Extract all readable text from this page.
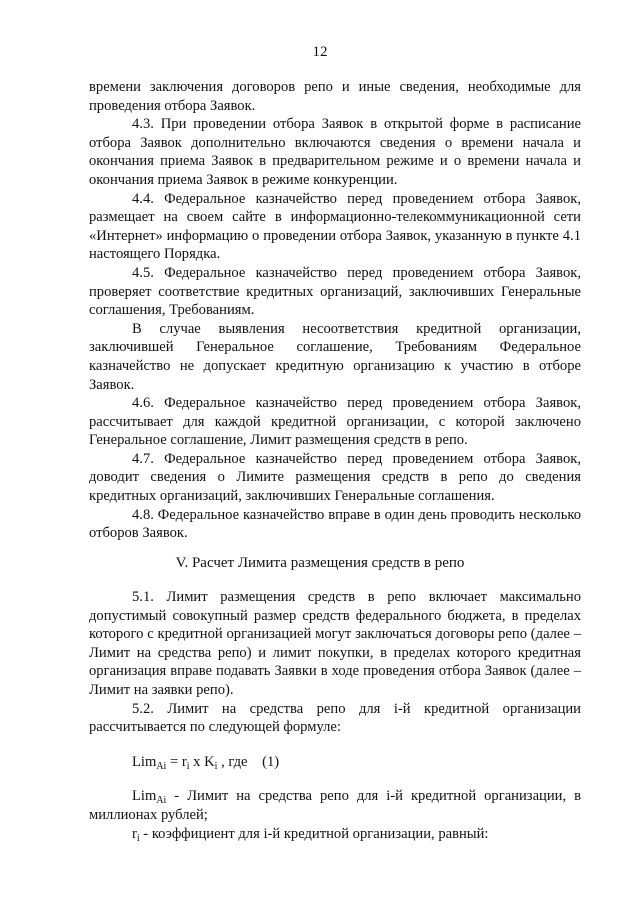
12

времени заключения договоров репо и иные сведения, необходимые для проведения отбора Заявок.

4.3. При проведении отбора Заявок в открытой форме в расписание отбора Заявок дополнительно включаются сведения о времени начала и окончания приема Заявок в предварительном режиме и о времени начала и окончания приема Заявок в режиме конкуренции.

4.4. Федеральное казначейство перед проведением отбора Заявок, размещает на своем сайте в информационно-телекоммуникационной сети «Интернет» информацию о проведении отбора Заявок, указанную в пункте 4.1 настоящего Порядка.

4.5. Федеральное казначейство перед проведением отбора Заявок, проверяет соответствие кредитных организаций, заключивших Генеральные соглашения, Требованиям.

В случае выявления несоответствия кредитной организации, заключившей Генеральное соглашение, Требованиям Федеральное казначейство не допускает кредитную организацию к участию в отборе Заявок.

4.6. Федеральное казначейство перед проведением отбора Заявок, рассчитывает для каждой кредитной организации, с которой заключено Генеральное соглашение, Лимит размещения средств в репо.

4.7. Федеральное казначейство перед проведением отбора Заявок, доводит сведения о Лимите размещения средств в репо до сведения кредитных организаций, заключивших Генеральные соглашения.

4.8. Федеральное казначейство вправе в один день проводить несколько отборов Заявок.

V. Расчет Лимита размещения средств в репо

5.1. Лимит размещения средств в репо включает максимально допустимый совокупный размер средств федерального бюджета, в пределах которого с кредитной организацией могут заключаться договоры репо (далее – Лимит на средства репо) и лимит покупки, в пределах которого кредитная организация вправе подавать Заявки в ходе проведения отбора Заявок (далее – Лимит на заявки репо).

5.2. Лимит на средства репо для i-й кредитной организации рассчитывается по следующей формуле:

$Lim_{Ai} = r_i$ x $K_i$ , где    (1)

Lim$_{Ai}$ - Лимит на средства репо для i-й кредитной организации, в миллионах рублей;

$r_i$ - коэффициент для i-й кредитной организации, равный:
